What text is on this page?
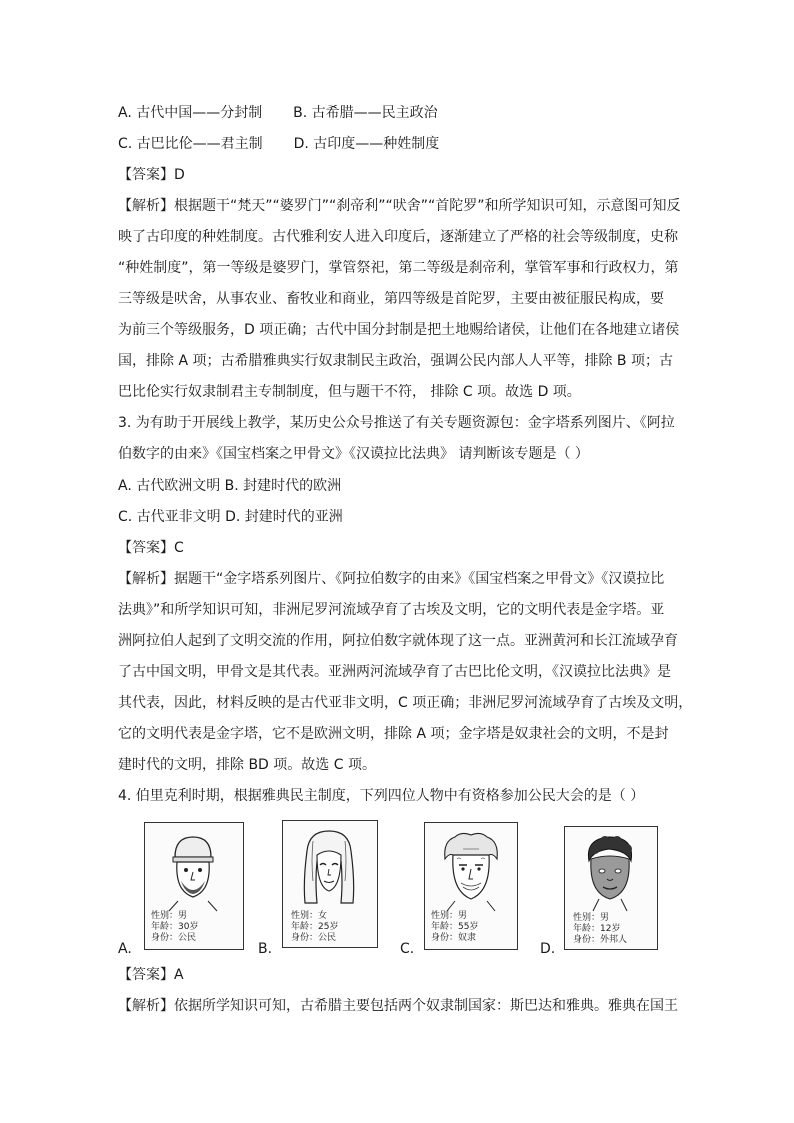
A. 古代中国——分封制 B. 古希腊——民主政治
C. 古巴比伦——君主制 D. 古印度——种姓制度
【答案】D
【解析】根据题干“梵天”“婆罗门”“刹帝利”“吠舍”“首陀罗”和所学知识可知，示意图可知反
映了古印度的种姓制度。古代雅利安人进入印度后，逐渐建立了严格的社会等级制度，史称
“种姓制度”，第一等级是婆罗门，掌管祭祀，第二等级是刹帝利，掌管军事和行政权力，第
三等级是吠舍，从事农业、畜牧业和商业，第四等级是首陀罗，主要由被征服民构成，要
为前三个等级服务，D 项正确；古代中国分封制是把土地赐给诸侯，让他们在各地建立诸侯
国，排除 A 项；古希腊雅典实行奴隶制民主政治，强调公民内部人人平等，排除 B 项；古
巴比伦实行奴隶制君主专制制度，但与题干不符， 排除 C 项。故选 D 项。
3. 为有助于开展线上教学，某历史公众号推送了有关专题资源包：金字塔系列图片、《阿拉
伯数字的由来》《国宝档案之甲骨文》《汉谟拉比法典》 请判断该专题是（ ）
A. 古代欧洲文明 B. 封建时代的欧洲
C. 古代亚非文明 D. 封建时代的亚洲
【答案】C
【解析】据题干“金字塔系列图片、《阿拉伯数字的由来》《国宝档案之甲骨文》《汉谟拉比
法典》”和所学知识可知，非洲尼罗河流域孕育了古埃及文明，它的文明代表是金字塔。亚
洲阿拉伯人起到了文明交流的作用，阿拉伯数字就体现了这一点。亚洲黄河和长江流域孕育
了古中国文明，甲骨文是其代表。亚洲两河流域孕育了古巴比伦文明，《汉谟拉比法典》是
其代表，因此，材料反映的是古代亚非文明，C 项正确；非洲尼罗河流域孕育了古埃及文明，
它的文明代表是金字塔，它不是欧洲文明，排除 A 项；金字塔是奴隶社会的文明，不是封
建时代的文明，排除 BD 项。故选 C 项。
4. 伯里克利时期，根据雅典民主制度，下列四位人物中有资格参加公民大会的是（ ）
A.
性别：男
年龄：30岁
身份：公民
B.
性别：女
年龄：25岁
身份：公民
C.
性别：男
年龄：55岁
身份：奴隶
D.
性别：男
年龄：12岁
身份：外邦人
【答案】A
【解析】依据所学知识可知，古希腊主要包括两个奴隶制国家：斯巴达和雅典。雅典在国王
